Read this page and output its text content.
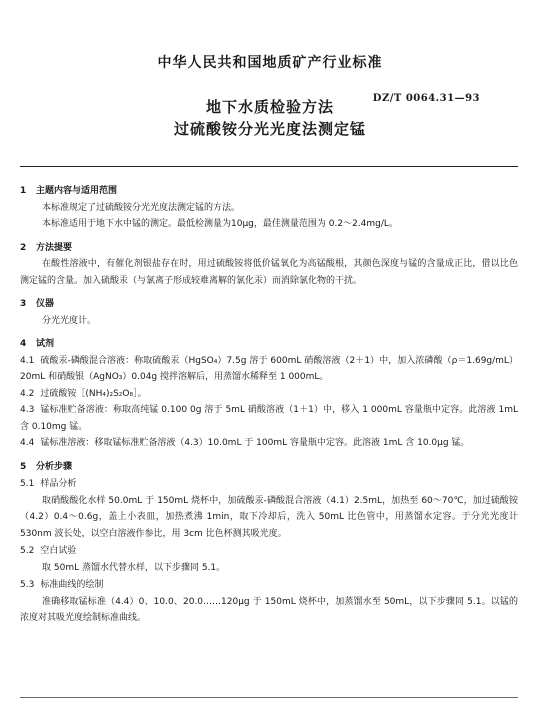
中华人民共和国地质矿产行业标准
DZ/T 0064.31—93
地下水质检验方法
过硫酸铵分光光度法测定锰
1 主题内容与适用范围
本标准规定了过硫酸铵分光光度法测定锰的方法。
本标准适用于地下水中锰的测定。最低检测量为10μg，最佳测量范围为 0.2～2.4mg/L。
2 方法提要
在酸性溶液中，有催化剂银盐存在时，用过硫酸铵将低价锰氧化为高锰酸根，其颜色深度与锰的含量成正比，借以比色测定锰的含量。加入硫酸汞（与氯离子形成较难离解的氯化汞）而消除氯化物的干扰。
3 仪器
分光光度计。
4 试剂
4.1 硫酸汞-磷酸混合溶液：称取硫酸汞（HgSO₄）7.5g 溶于 600mL 硝酸溶液（2＋1）中，加入浓磷酸（ρ＝1.69g/mL）20mL 和硝酸银（AgNO₃）0.04g 搅拌溶解后，用蒸馏水稀释至 1 000mL。
4.2 过硫酸铵［(NH₄)₂S₂O₈］。
4.3 锰标准贮备溶液：称取高纯锰 0.100 0g 溶于 5mL 硝酸溶液（1＋1）中，移入 1 000mL 容量瓶中定容。此溶液 1mL 含 0.10mg 锰。
4.4 锰标准溶液：移取锰标准贮备溶液（4.3）10.0mL 于 100mL 容量瓶中定容。此溶液 1mL 含 10.0μg 锰。
5 分析步骤
5.1 样品分析
取硝酸酸化水样 50.0mL 于 150mL 烧杯中，加硫酸汞-磷酸混合溶液（4.1）2.5mL，加热至 60～70℃，加过硫酸铵（4.2）0.4～0.6g，盖上小表皿，加热煮沸 1min，取下冷却后，洗入 50mL 比色管中，用蒸馏水定容。于分光光度计 530nm 波长处，以空白溶液作参比，用 3cm 比色杯测其吸光度。
5.2 空白试验
取 50mL 蒸馏水代替水样，以下步骤同 5.1。
5.3 标准曲线的绘制
准确移取锰标准（4.4）0、10.0、20.0……120μg 于 150mL 烧杯中，加蒸馏水至 50mL，以下步骤同 5.1。以锰的浓度对其吸光度绘制标准曲线。
